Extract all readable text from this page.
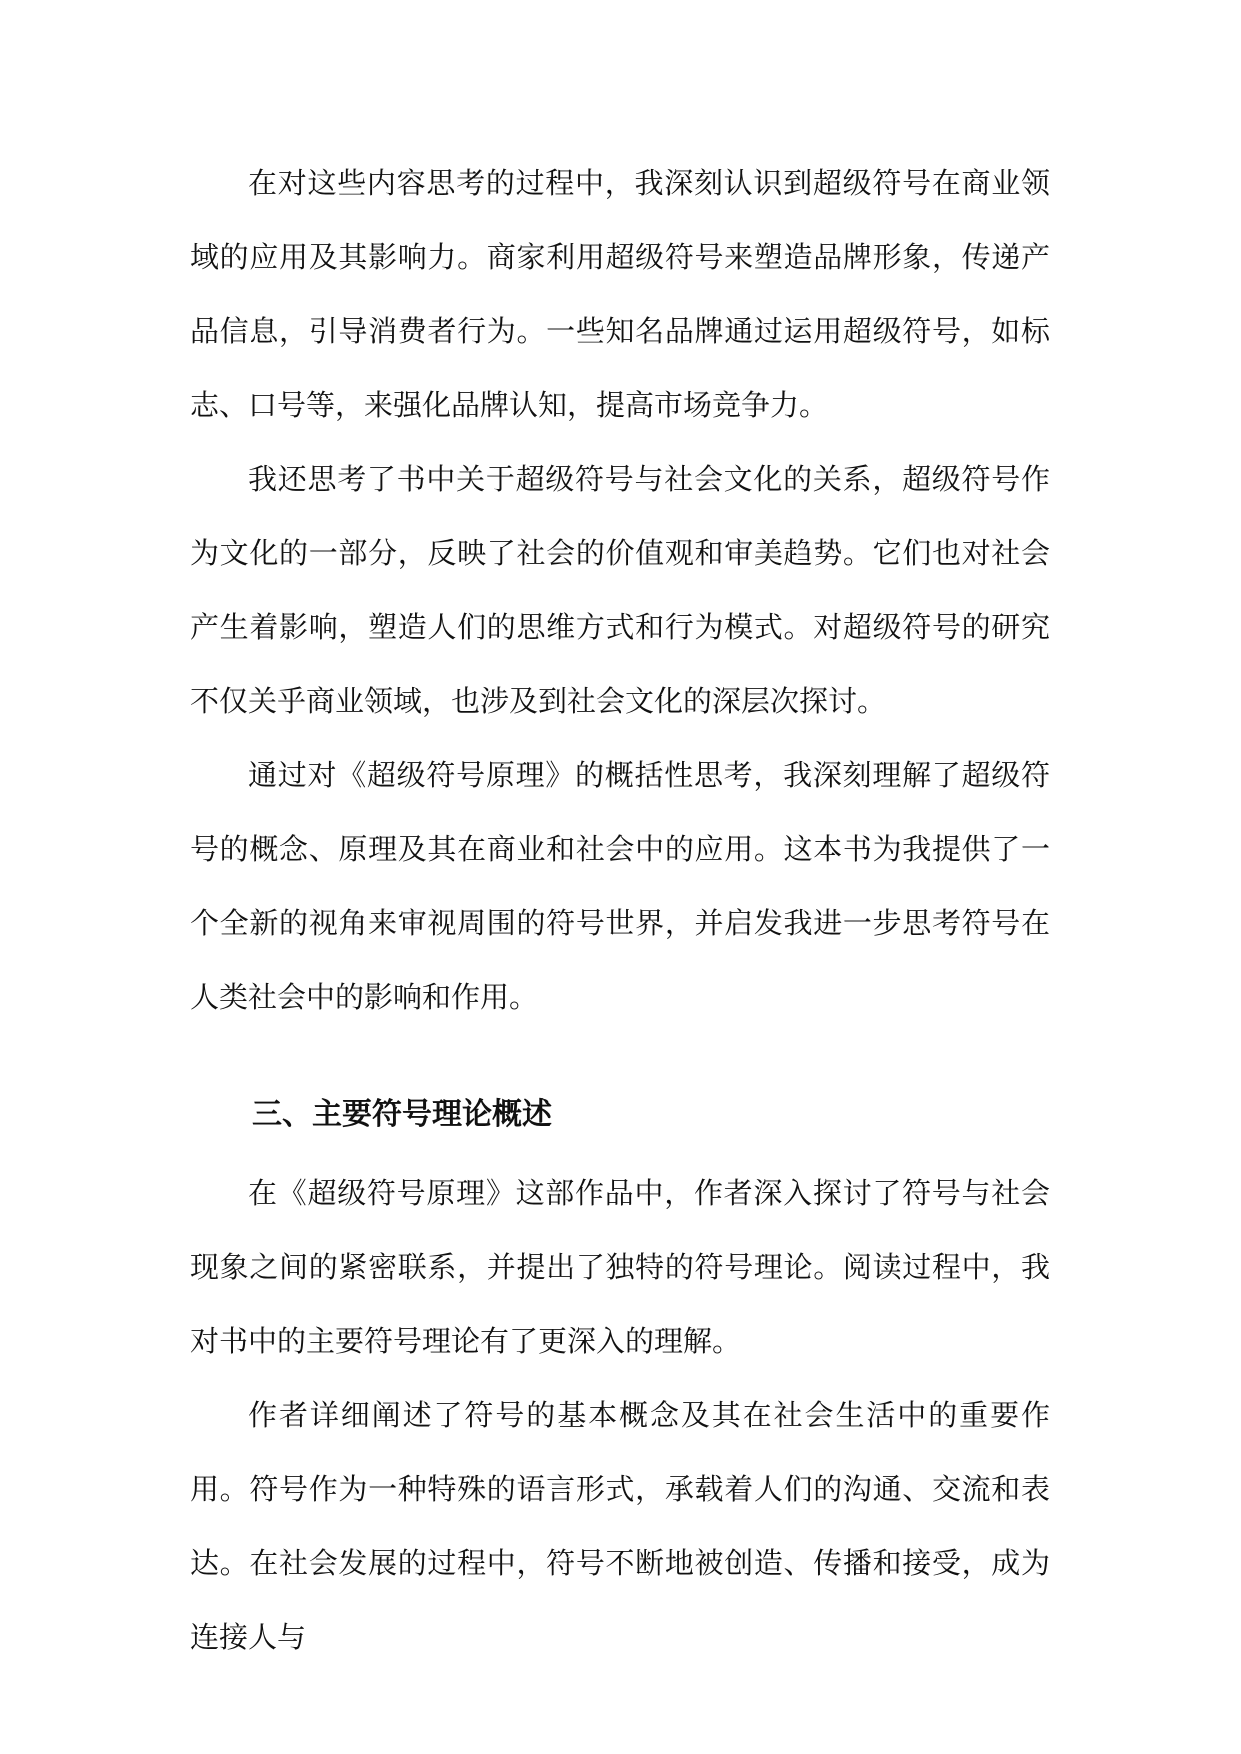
在对这些内容思考的过程中，我深刻认识到超级符号在商业领域的应用及其影响力。商家利用超级符号来塑造品牌形象，传递产品信息，引导消费者行为。一些知名品牌通过运用超级符号，如标志、口号等，来强化品牌认知，提高市场竞争力。

我还思考了书中关于超级符号与社会文化的关系，超级符号作为文化的一部分，反映了社会的价值观和审美趋势。它们也对社会产生着影响，塑造人们的思维方式和行为模式。对超级符号的研究不仅关乎商业领域，也涉及到社会文化的深层次探讨。

通过对《超级符号原理》的概括性思考，我深刻理解了超级符号的概念、原理及其在商业和社会中的应用。这本书为我提供了一个全新的视角来审视周围的符号世界，并启发我进一步思考符号在人类社会中的影响和作用。

三、主要符号理论概述

在《超级符号原理》这部作品中，作者深入探讨了符号与社会现象之间的紧密联系，并提出了独特的符号理论。阅读过程中，我对书中的主要符号理论有了更深入的理解。

作者详细阐述了符号的基本概念及其在社会生活中的重要作用。符号作为一种特殊的语言形式，承载着人们的沟通、交流和表达。在社会发展的过程中，符号不断地被创造、传播和接受，成为连接人与
